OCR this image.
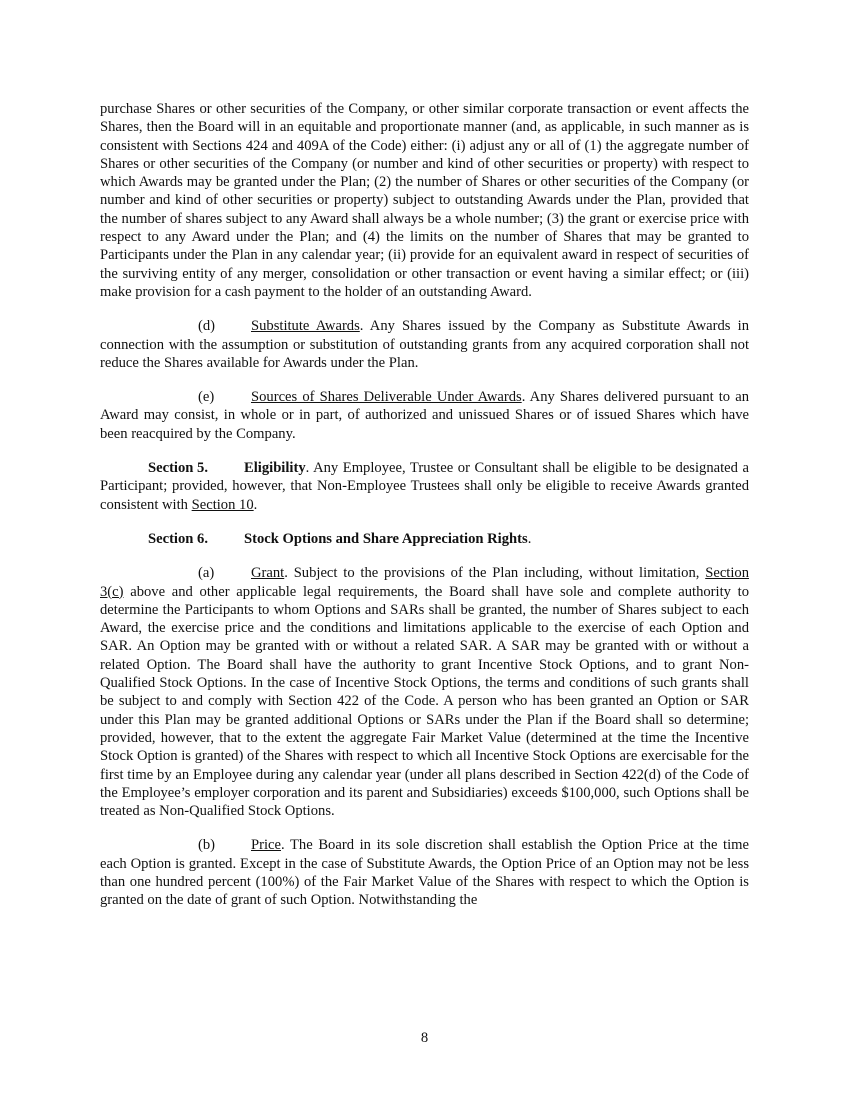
purchase Shares or other securities of the Company, or other similar corporate transaction or event affects the Shares, then the Board will in an equitable and proportionate manner (and, as applicable, in such manner as is consistent with Sections 424 and 409A of the Code) either: (i) adjust any or all of (1) the aggregate number of Shares or other securities of the Company (or number and kind of other securities or property) with respect to which Awards may be granted under the Plan; (2) the number of Shares or other securities of the Company (or number and kind of other securities or property) subject to outstanding Awards under the Plan, provided that the number of shares subject to any Award shall always be a whole number; (3) the grant or exercise price with respect to any Award under the Plan; and (4) the limits on the number of Shares that may be granted to Participants under the Plan in any calendar year; (ii) provide for an equivalent award in respect of securities of the surviving entity of any merger, consolidation or other transaction or event having a similar effect; or (iii) make provision for a cash payment to the holder of an outstanding Award.

(d) Substitute Awards. Any Shares issued by the Company as Substitute Awards in connection with the assumption or substitution of outstanding grants from any acquired corporation shall not reduce the Shares available for Awards under the Plan.

(e)	Sources of Shares Deliverable Under Awards. Any Shares delivered pursuant to an Award may consist, in whole or in part, of authorized and unissued Shares or of issued Shares which have been reacquired by the Company.

Section 5. Eligibility. Any Employee, Trustee or Consultant shall be eligible to be designated a Participant; provided, however, that Non-Employee Trustees shall only be eligible to receive Awards granted consistent with Section 10.

Section 6. Stock Options and Share Appreciation Rights.

(a)	Grant. Subject to the provisions of the Plan including, without limitation, Section 3(c) above and other applicable legal requirements, the Board shall have sole and complete authority to determine the Participants to whom Options and SARs shall be granted, the number of Shares subject to each Award, the exercise price and the conditions and limitations applicable to the exercise of each Option and SAR. An Option may be granted with or without a related SAR. A SAR may be granted with or without a related Option. The Board shall have the authority to grant Incentive Stock Options, and to grant Non-Qualified Stock Options. In the case of Incentive Stock Options, the terms and conditions of such grants shall be subject to and comply with Section 422 of the Code. A person who has been granted an Option or SAR under this Plan may be granted additional Options or SARs under the Plan if the Board shall so determine; provided, however, that to the extent the aggregate Fair Market Value (determined at the time the Incentive Stock Option is granted) of the Shares with respect to which all Incentive Stock Options are exercisable for the first time by an Employee during any calendar year (under all plans described in Section 422(d) of the Code of the Employee’s employer corporation and its parent and Subsidiaries) exceeds $100,000, such Options shall be treated as Non-Qualified Stock Options.

(b) Price. The Board in its sole discretion shall establish the Option Price at the time each Option is granted. Except in the case of Substitute Awards, the Option Price of an Option may not be less than one hundred percent (100%) of the Fair Market Value of the Shares with respect to which the Option is granted on the date of grant of such Option. Notwithstanding the

8
